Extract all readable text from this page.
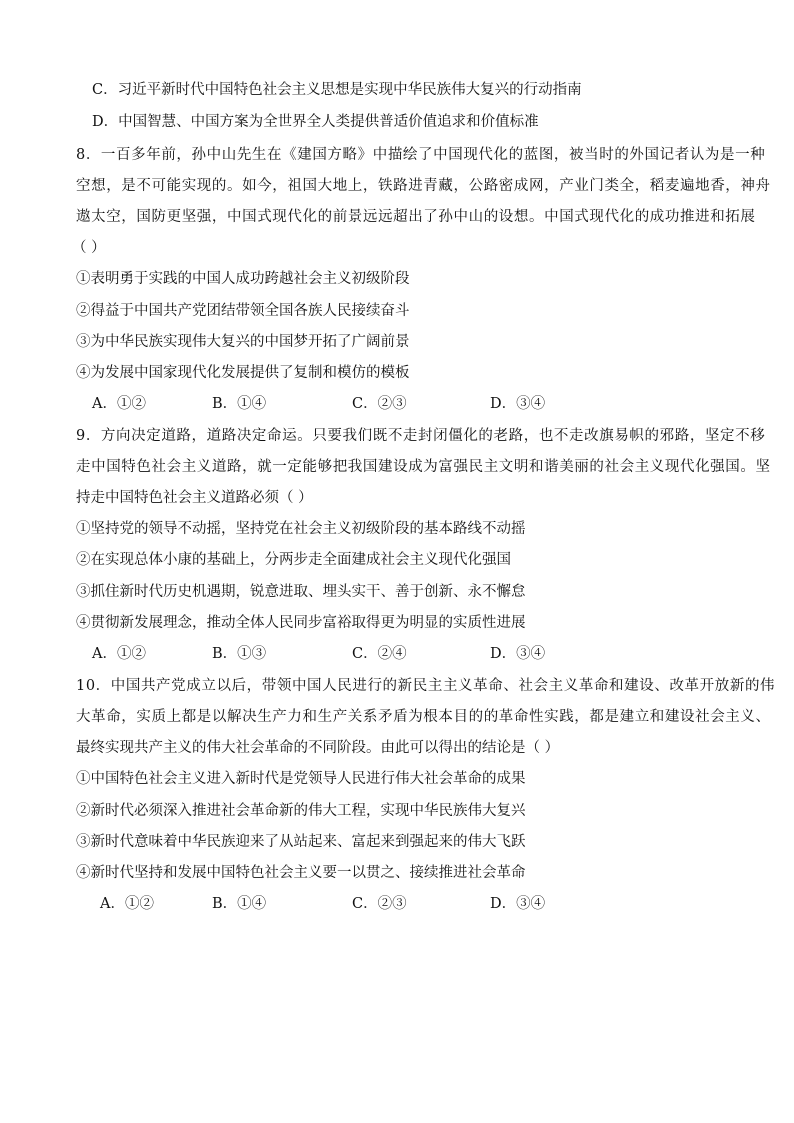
C．习近平新时代中国特色社会主义思想是实现中华民族伟大复兴的行动指南
D．中国智慧、中国方案为全世界全人类提供普适价值追求和价值标准
8．一百多年前，孙中山先生在《建国方略》中描绘了中国现代化的蓝图，被当时的外国记者认为是一种
空想，是不可能实现的。如今，祖国大地上，铁路进青藏，公路密成网，产业门类全，稻麦遍地香，神舟
遨太空，国防更坚强，中国式现代化的前景远远超出了孙中山的设想。中国式现代化的成功推进和拓展
（ ）
①表明勇于实践的中国人成功跨越社会主义初级阶段
②得益于中国共产党团结带领全国各族人民接续奋斗
③为中华民族实现伟大复兴的中国梦开拓了广阔前景
④为发展中国家现代化发展提供了复制和模仿的模板
A．①②	B．①④	C．②③	D．③④
9．方向决定道路，道路决定命运。只要我们既不走封闭僵化的老路，也不走改旗易帜的邪路，坚定不移
走中国特色社会主义道路，就一定能够把我国建设成为富强民主文明和谐美丽的社会主义现代化强国。坚
持走中国特色社会主义道路必须（ ）
①坚持党的领导不动摇，坚持党在社会主义初级阶段的基本路线不动摇
②在实现总体小康的基础上，分两步走全面建成社会主义现代化强国
③抓住新时代历史机遇期，锐意进取、埋头实干、善于创新、永不懈怠
④贯彻新发展理念，推动全体人民同步富裕取得更为明显的实质性进展
A．①②	B．①③	C．②④	D．③④
10．中国共产党成立以后，带领中国人民进行的新民主主义革命、社会主义革命和建设、改革开放新的伟
大革命，实质上都是以解决生产力和生产关系矛盾为根本目的的革命性实践，都是建立和建设社会主义、
最终实现共产主义的伟大社会革命的不同阶段。由此可以得出的结论是（ ）
①中国特色社会主义进入新时代是党领导人民进行伟大社会革命的成果
②新时代必须深入推进社会革命新的伟大工程，实现中华民族伟大复兴
③新时代意味着中华民族迎来了从站起来、富起来到强起来的伟大飞跃
④新时代坚持和发展中国特色社会主义要一以贯之、接续推进社会革命
A．①②	B．①④	C．②③	D．③④
